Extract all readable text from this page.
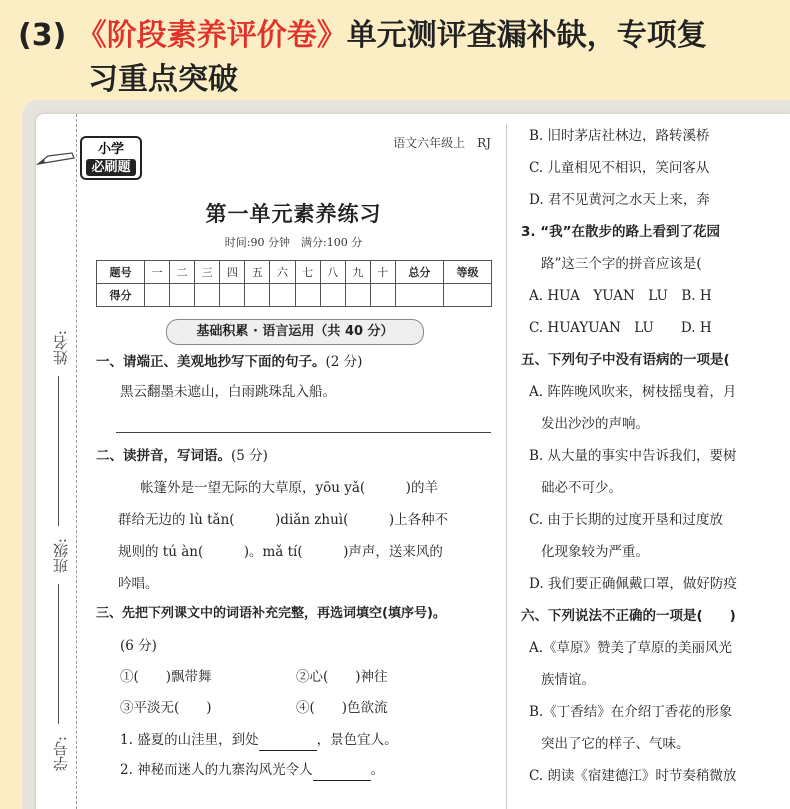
(3) 《阶段素养评价卷》单元测评查漏补缺，专项复
习重点突破
姓名:
班级:
学号:
小学
必刷题
语文六年级上　RJ
第一单元素养练习
时间:90 分钟　满分:100 分
题号	一	二	三	四	五	六	七	八	九	十	总分	等级
得分												
基础积累 · 语言运用（共 40 分）
一、请端正、美观地抄写下面的句子。(2 分)
黑云翻墨未遮山，白雨跳珠乱入船。
二、读拼音，写词语。(5 分)
帐篷外是一望无际的大草原，yōu yǎ(　　　)的羊
群给无边的 lù tǎn(　　　)diǎn zhuì(　　　)上各种不
规则的 tú àn(　　　)。mǎ tí(　　　)声声，送来风的
吟唱。
三、先把下列课文中的词语补充完整，再选词填空(填序号)。
(6 分)
①(　　)飘带舞	②心(　　)神往
③平淡无(　　)	④(　　)色欲流
1. 盛夏的山洼里，到处	，景色宜人。
2. 神秘而迷人的九寨沟风光令人	。
B. 旧时茅店社林边，路转溪桥
C. 儿童相见不相识，笑问客从
D. 君不见黄河之水天上来，奔
3. “我”在散步的路上看到了花园
路”这三个字的拼音应该是(
A. HUA　YUAN　LU　B. H
C. HUAYUAN　LU　　D. H
五、下列句子中没有语病的一项是(
A. 阵阵晚风吹来，树枝摇曳着，月
发出沙沙的声响。
B. 从大量的事实中告诉我们，要树
础必不可少。
C. 由于长期的过度开垦和过度放
化现象较为严重。
D. 我们要正确佩戴口罩，做好防疫
六、下列说法不正确的一项是(　　)
A.《草原》赞美了草原的美丽风光
族情谊。
B.《丁香结》在介绍丁香花的形象
突出了它的样子、气味。
C. 朗读《宿建德江》时节奏稍微放
